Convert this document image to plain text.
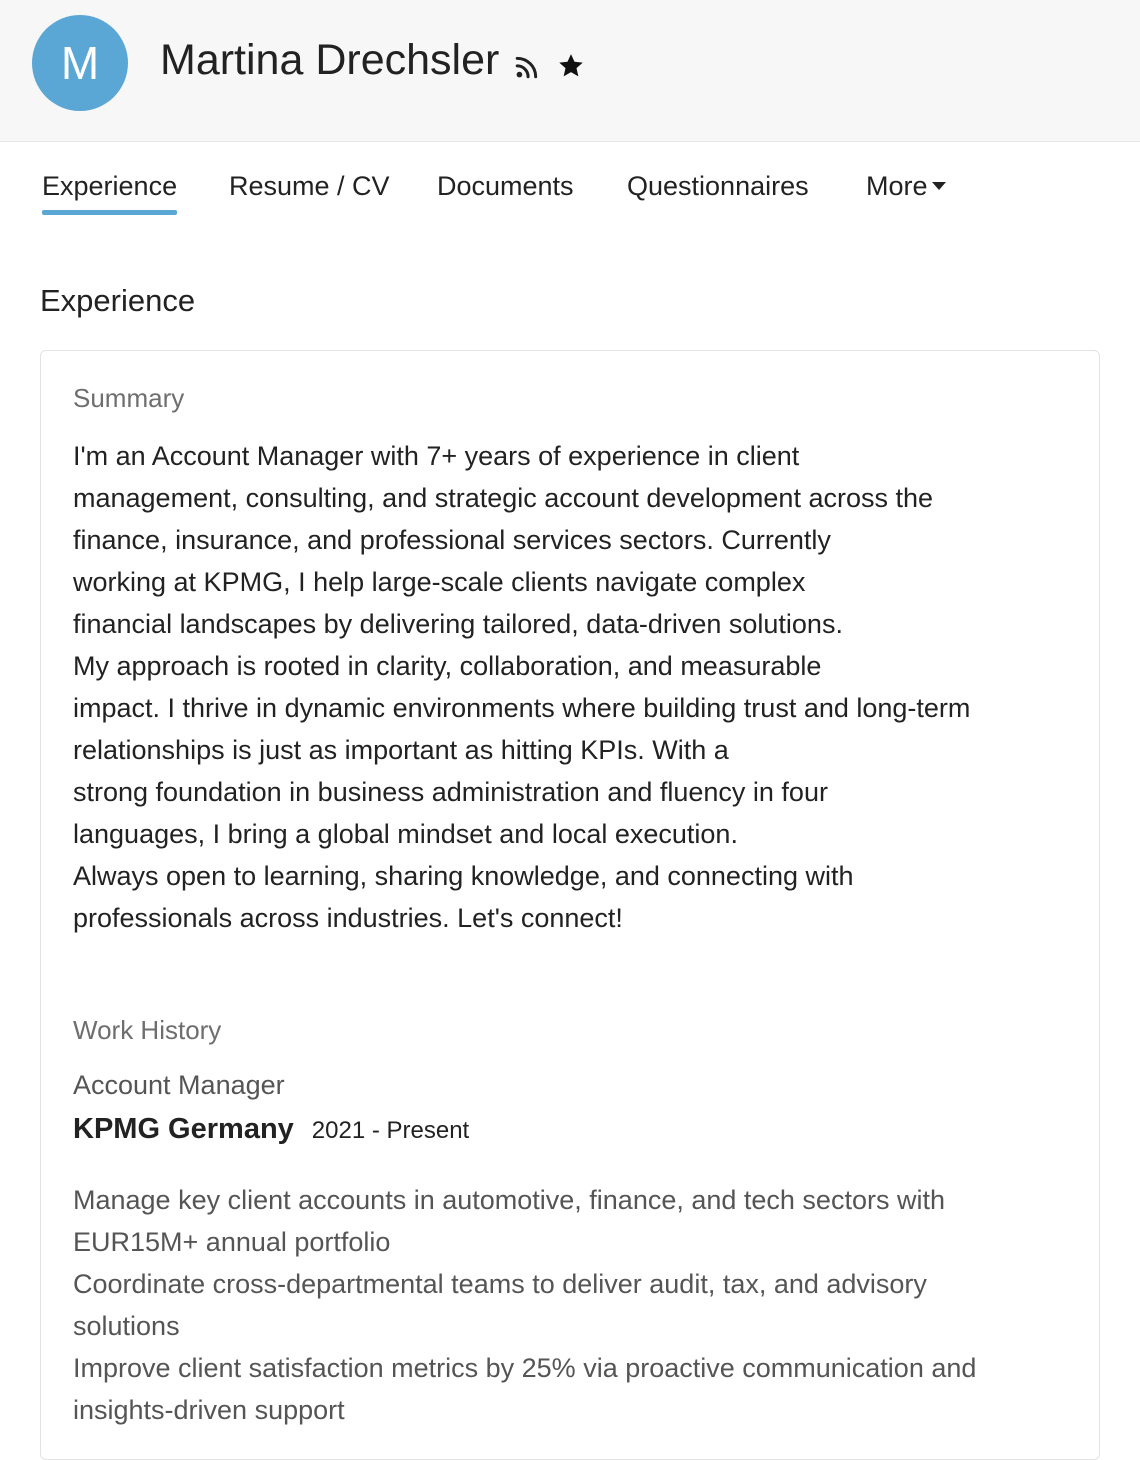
M	Martina Drechsler
Experience Resume / CV Documents Questionnaires More
Experience
Summary
I'm an Account Manager with 7+ years of experience in client
management, consulting, and strategic account development across the
finance, insurance, and professional services sectors. Currently
working at KPMG, I help large-scale clients navigate complex
financial landscapes by delivering tailored, data-driven solutions.
My approach is rooted in clarity, collaboration, and measurable
impact. I thrive in dynamic environments where building trust and long-term
relationships is just as important as hitting KPIs. With a
strong foundation in business administration and fluency in four
languages, I bring a global mindset and local execution.
Always open to learning, sharing knowledge, and connecting with
professionals across industries. Let's connect!
Work History
Account Manager
KPMG Germany 2021 - Present
Manage key client accounts in automotive, finance, and tech sectors with
EUR15M+ annual portfolio
Coordinate cross-departmental teams to deliver audit, tax, and advisory
solutions
Improve client satisfaction metrics by 25% via proactive communication and
insights-driven support
